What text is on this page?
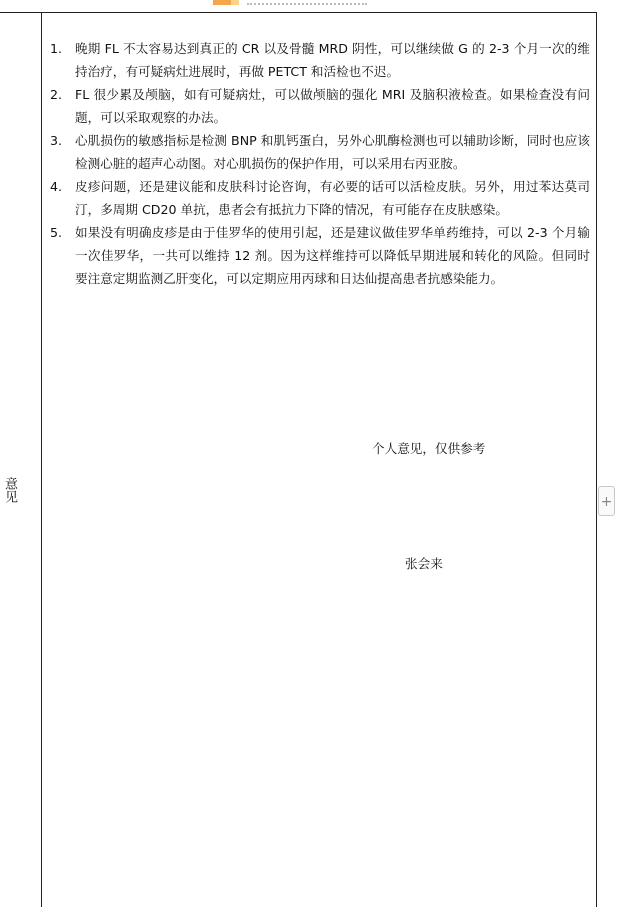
意见
1. 晚期 FL 不太容易达到真正的 CR 以及骨髓 MRD 阴性，可以继续做 G 的 2-3 个月一次的维持治疗，有可疑病灶进展时，再做 PETCT 和活检也不迟。
2. FL 很少累及颅脑，如有可疑病灶，可以做颅脑的强化 MRI 及脑积液检查。如果检查没有问题，可以采取观察的办法。
3. 心肌损伤的敏感指标是检测 BNP 和肌钙蛋白，另外心肌酶检测也可以辅助诊断，同时也应该检测心脏的超声心动图。对心肌损伤的保护作用，可以采用右丙亚胺。
4. 皮疹问题，还是建议能和皮肤科讨论咨询，有必要的话可以活检皮肤。另外，用过苯达莫司汀，多周期 CD20 单抗，患者会有抵抗力下降的情况，有可能存在皮肤感染。
5. 如果没有明确皮疹是由于佳罗华的使用引起，还是建议做佳罗华单药维持，可以 2-3 个月输一次佳罗华，一共可以维持 12 剂。因为这样维持可以降低早期进展和转化的风险。但同时要注意定期监测乙肝变化，可以定期应用丙球和日达仙提高患者抗感染能力。
个人意见，仅供参考
张会来
+
